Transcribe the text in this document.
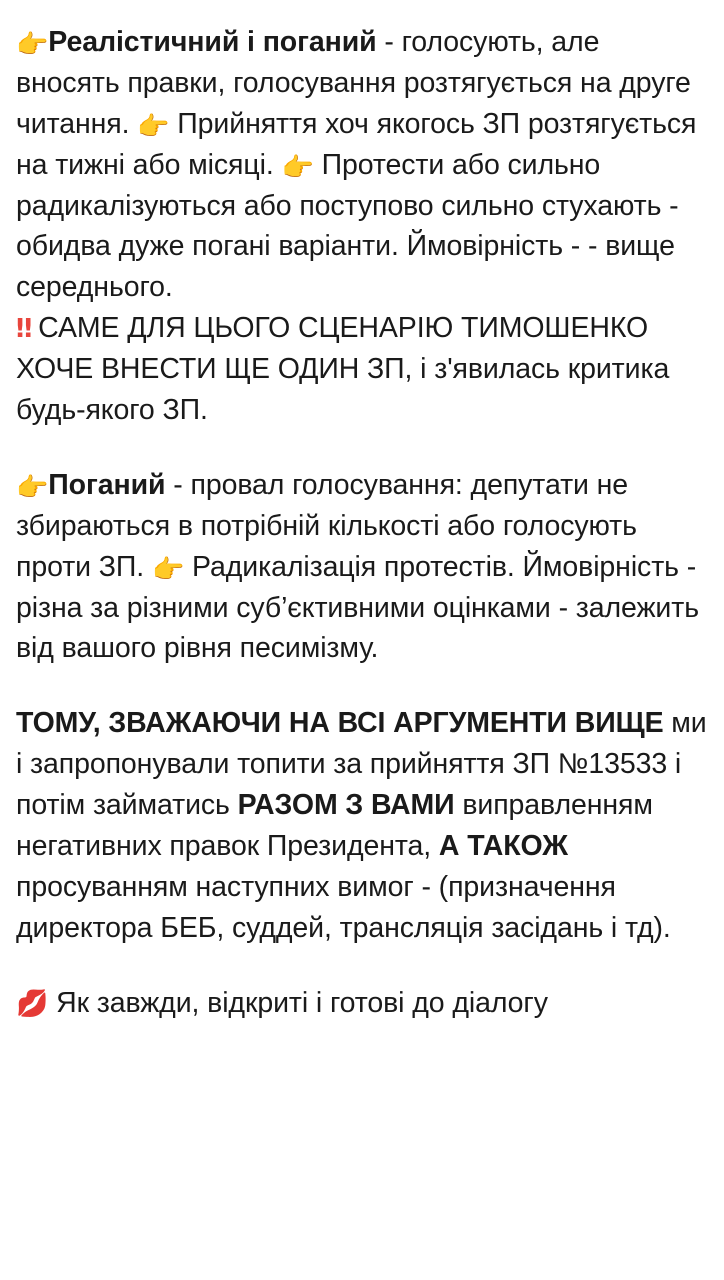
👉Реалістичний і поганий - голосують, але вносять правки, голосування розтягується на друге читання. 👉 Прийняття хоч якогось ЗП розтягується на тижні або місяці. 👉 Протести або сильно радикалізуються або поступово сильно стухають - обидва дуже погані варіанти. Ймовірність - - вище середнього.
‼ САМЕ ДЛЯ ЦЬОГО СЦЕНАРІЮ ТИМОШЕНКО ХОЧЕ ВНЕСТИ ЩЕ ОДИН ЗП, і з'явилась критика будь-якого ЗП.
👉Поганий - провал голосування: депутати не збираються в потрібній кількості або голосують проти ЗП. 👉 Радикалізація протестів. Ймовірність - різна за різними суб’єктивними оцінками - залежить від вашого рівня песимізму.
ТОМУ, ЗВАЖАЮЧИ НА ВСІ АРГУМЕНТИ ВИЩЕ ми і запропонували топити за прийняття ЗП №13533 і потім займатись РАЗОМ З ВАМИ виправленням негативних правок Президента, А ТАКОЖ просуванням наступних вимог - (призначення директора БЕБ, суддей, трансляція засідань і тд).
💋 Як завжди, відкриті і готові до діалогу
